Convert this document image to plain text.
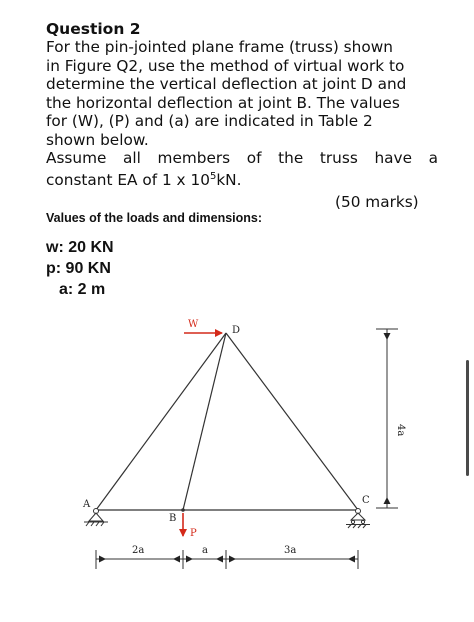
Question 2

For the pin-jointed plane frame (truss) shown

in Figure Q2, use the method of virtual work to

determine the vertical deflection at joint D and

the horizontal deflection at joint B. The values

for (W), (P) and (a) are indicated in Table 2

shown below.

Assume all members of the truss have a

constant EA of 1 x $10^5kN$.

(50 marks)
Values of the loads and dimensions:
w: 20 KN
p: 90 KN
a: 2 m
A
B
C
D
W
P
2a	a	3a
4a
